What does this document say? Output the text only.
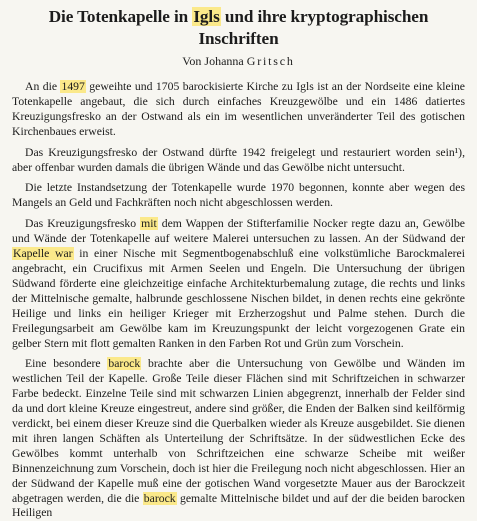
Die Totenkapelle in Igls und ihre kryptographischen Inschriften
Von Johanna Gritsch

An die 1497 geweihte und 1705 barockisierte Kirche zu Igls ist an der Nordseite eine kleine Totenkapelle angebaut, die sich durch einfaches Kreuzgewölbe und ein 1486 datiertes Kreuzigungsfresko an der Ostwand als ein im wesentlichen unveränderter Teil des gotischen Kirchenbaues erweist.

Das Kreuzigungsfresko der Ostwand dürfte 1942 freigelegt und restauriert worden sein¹), aber offenbar wurden damals die übrigen Wände und das Gewölbe nicht untersucht.

Die letzte Instandsetzung der Totenkapelle wurde 1970 begonnen, konnte aber wegen des Mangels an Geld und Fachkräften noch nicht abgeschlossen werden.

Das Kreuzigungsfresko mit dem Wappen der Stifterfamilie Nocker regte dazu an, Gewölbe und Wände der Totenkapelle auf weitere Malerei untersuchen zu lassen. An der Südwand der Kapelle war in einer Nische mit Segmentbogenabschluß eine volkstümliche Barockmalerei angebracht, ein Crucifixus mit Armen Seelen und Engeln. Die Untersuchung der übrigen Südwand förderte eine gleichzeitige einfache Architekturbemalung zutage, die rechts und links der Mittelnische gemalte, halbrunde geschlossene Nischen bildet, in denen rechts eine gekrönte Heilige und links ein heiliger Krieger mit Erzherzogshut und Palme stehen. Durch die Freilegungsarbeit am Gewölbe kam im Kreuzungspunkt der leicht vorgezogenen Grate ein gelber Stern mit flott gemalten Ranken in den Farben Rot und Grün zum Vorschein.

Eine besondere barock brachte aber die Untersuchung von Gewölbe und Wänden im westlichen Teil der Kapelle. Große Teile dieser Flächen sind mit Schriftzeichen in schwarzer Farbe bedeckt. Einzelne Teile sind mit schwarzen Linien abgegrenzt, innerhalb der Felder sind da und dort kleine Kreuze eingestreut, andere sind größer, die Enden der Balken sind keilförmig verdickt, bei einem dieser Kreuze sind die Querbalken wieder als Kreuze ausgebildet. Sie dienen mit ihren langen Schäften als Unterteilung der Schriftsätze. In der südwestlichen Ecke des Gewölbes kommt unterhalb von Schriftzeichen eine schwarze Scheibe mit weißer Binnenzeichnung zum Vorschein, doch ist hier die Freilegung noch nicht abgeschlossen. Hier an der Südwand der Kapelle muß eine der gotischen Wand vorgesetzte Mauer aus der Barockzeit abgetragen werden, die die barock gemalte Mittelnische bildet und auf der die beiden barocken Heiligen
